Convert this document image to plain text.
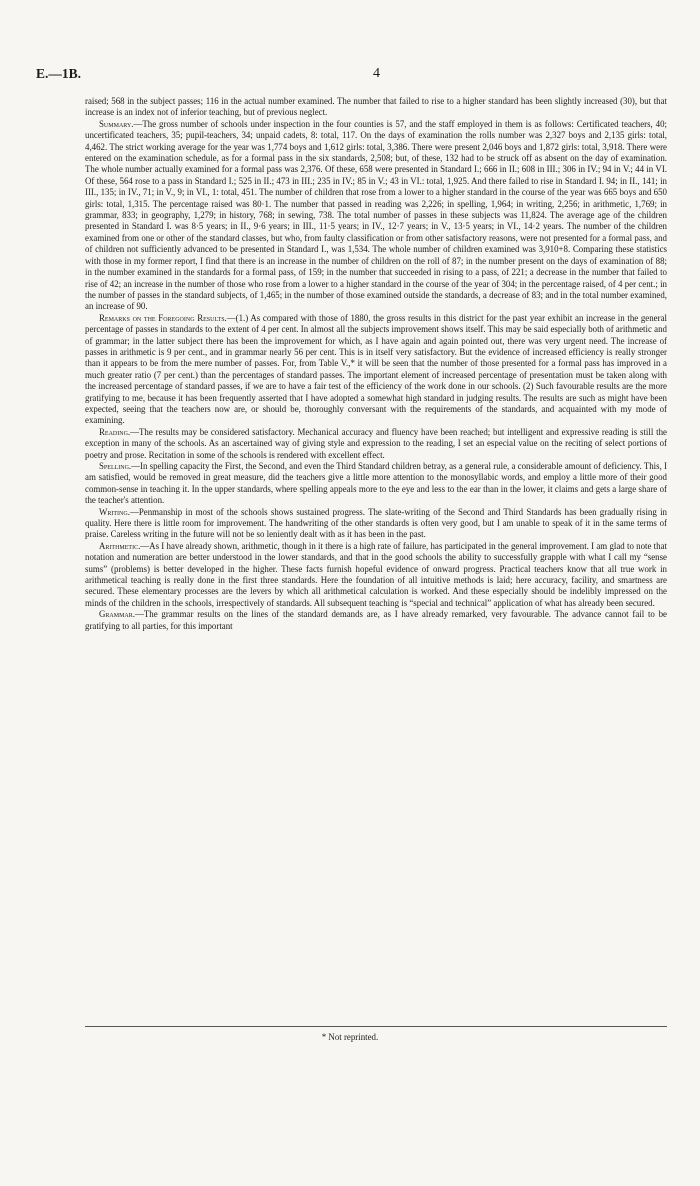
E.—1B.	4

raised; 568 in the subject passes; 116 in the actual number examined. The number that failed to rise to a higher standard has been slightly increased (30), but that increase is an index not of inferior teaching, but of previous neglect.

Summary.—The gross number of schools under inspection in the four counties is 57, and the staff employed in them is as follows: Certificated teachers, 40; uncertificated teachers, 35; pupil-teachers, 34; unpaid cadets, 8: total, 117. On the days of examination the rolls number was 2,327 boys and 2,135 girls: total, 4,462. The strict working average for the year was 1,774 boys and 1,612 girls: total, 3,386. There were present 2,046 boys and 1,872 girls: total, 3,918. There were entered on the examination schedule, as for a formal pass in the six standards, 2,508; but, of these, 132 had to be struck off as absent on the day of examination. The whole number actually examined for a formal pass was 2,376. Of these, 658 were presented in Standard I.; 666 in II.; 608 in III.; 306 in IV.; 94 in V.; 44 in VI. Of these, 564 rose to a pass in Standard I.; 525 in II.; 473 in III.; 235 in IV.; 85 in V.; 43 in VI.: total, 1,925. And there failed to rise in Standard I. 94; in II., 141; in III., 135; in IV., 71; in V., 9; in VI., 1: total, 451. The number of children that rose from a lower to a higher standard in the course of the year was 665 boys and 650 girls: total, 1,315. The percentage raised was 80·1. The number that passed in reading was 2,226; in spelling, 1,964; in writing, 2,256; in arithmetic, 1,769; in grammar, 833; in geography, 1,279; in history, 768; in sewing, 738. The total number of passes in these subjects was 11,824. The average age of the children presented in Standard I. was 8·5 years; in II., 9·6 years; in III., 11·5 years; in IV., 12·7 years; in V., 13·5 years; in VI., 14·2 years. The number of the children examined from one or other of the standard classes, but who, from faulty classification or from other satisfactory reasons, were not presented for a formal pass, and of children not sufficiently advanced to be presented in Standard I., was 1,534. The whole number of children examined was 3,910+8. Comparing these statistics with those in my former report, I find that there is an increase in the number of children on the roll of 87; in the number present on the days of examination of 88; in the number examined in the standards for a formal pass, of 159; in the number that succeeded in rising to a pass, of 221; a decrease in the number that failed to rise of 42; an increase in the number of those who rose from a lower to a higher standard in the course of the year of 304; in the percentage raised, of 4 per cent.; in the number of passes in the standard subjects, of 1,465; in the number of those examined outside the standards, a decrease of 83; and in the total number examined, an increase of 90.

Remarks on the Foregoing Results.—(1.) As compared with those of 1880, the gross results in this district for the past year exhibit an increase in the general percentage of passes in standards to the extent of 4 per cent. In almost all the subjects improvement shows itself. This may be said especially both of arithmetic and of grammar; in the latter subject there has been the improvement for which, as I have again and again pointed out, there was very urgent need. The increase of passes in arithmetic is 9 per cent., and in grammar nearly 56 per cent. This is in itself very satisfactory. But the evidence of increased efficiency is really stronger than it appears to be from the mere number of passes. For, from Table V.,* it will be seen that the number of those presented for a formal pass has improved in a much greater ratio (7 per cent.) than the percentages of standard passes. The important element of increased percentage of presentation must be taken along with the increased percentage of standard passes, if we are to have a fair test of the efficiency of the work done in our schools. (2) Such favourable results are the more gratifying to me, because it has been frequently asserted that I have adopted a somewhat high standard in judging results. The results are such as might have been expected, seeing that the teachers now are, or should be, thoroughly conversant with the requirements of the standards, and acquainted with my mode of examining.

Reading.—The results may be considered satisfactory. Mechanical accuracy and fluency have been reached; but intelligent and expressive reading is still the exception in many of the schools. As an ascertained way of giving style and expression to the reading, I set an especial value on the reciting of select portions of poetry and prose. Recitation in some of the schools is rendered with excellent effect.

Spelling.—In spelling capacity the First, the Second, and even the Third Standard children betray, as a general rule, a considerable amount of deficiency. This, I am satisfied, would be removed in great measure, did the teachers give a little more attention to the monosyllabic words, and employ a little more of their good common-sense in teaching it. In the upper standards, where spelling appeals more to the eye and less to the ear than in the lower, it claims and gets a large share of the teacher's attention.

Writing.—Penmanship in most of the schools shows sustained progress. The slate-writing of the Second and Third Standards has been gradually rising in quality. Here there is little room for improvement. The handwriting of the other standards is often very good, but I am unable to speak of it in the same terms of praise. Careless writing in the future will not be so leniently dealt with as it has been in the past.

Arithmetic.—As I have already shown, arithmetic, though in it there is a high rate of failure, has participated in the general improvement. I am glad to note that notation and numeration are better understood in the lower standards, and that in the good schools the ability to successfully grapple with what I call my “sense sums” (problems) is better developed in the higher. These facts furnish hopeful evidence of onward progress. Practical teachers know that all true work in arithmetical teaching is really done in the first three standards. Here the foundation of all intuitive methods is laid; here accuracy, facility, and smartness are secured. These elementary processes are the levers by which all arithmetical calculation is worked. And these especially should be indelibly impressed on the minds of the children in the schools, irrespectively of standards. All subsequent teaching is “special and technical” application of what has already been secured.

Grammar.—The grammar results on the lines of the standard demands are, as I have already remarked, very favourable. The advance cannot fail to be gratifying to all parties, for this important

* Not reprinted.
